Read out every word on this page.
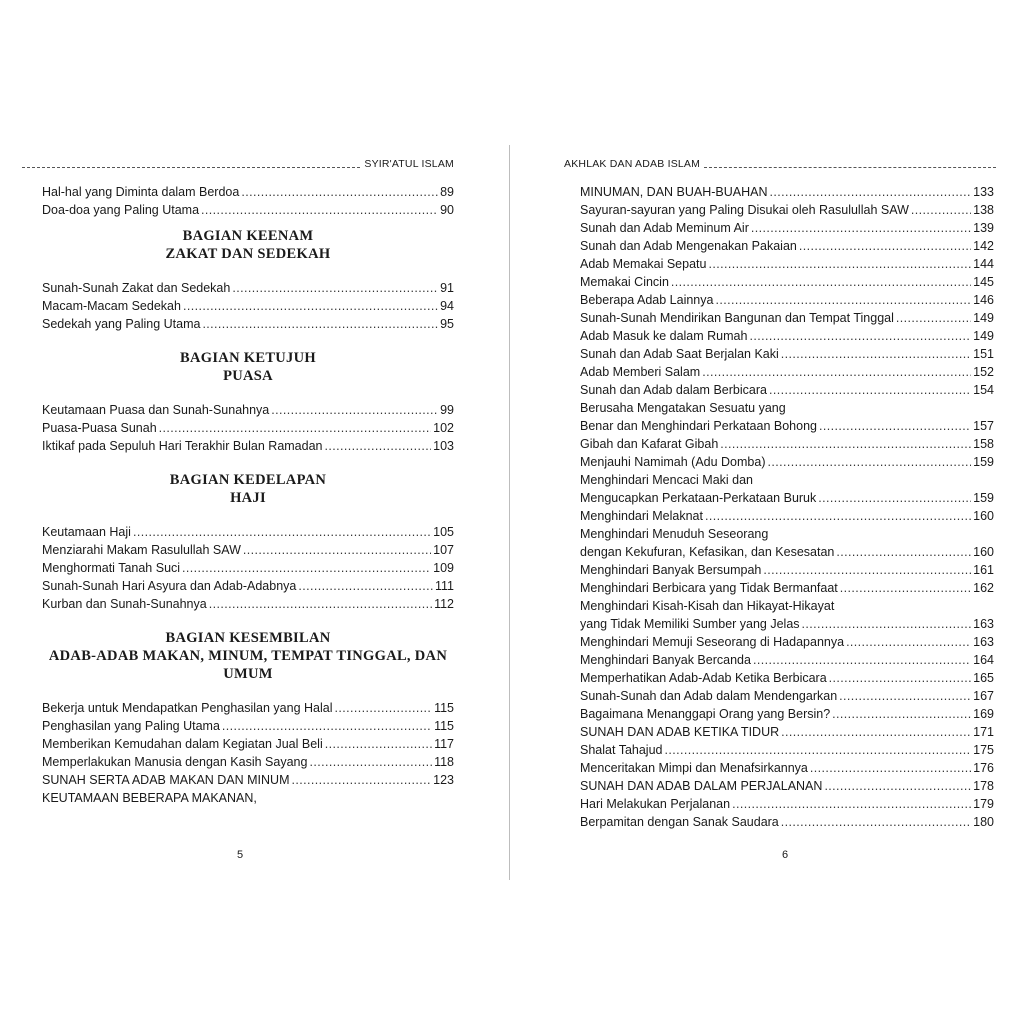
SYIR'ATUL ISLAM
Hal-hal yang Diminta dalam Berdoa .....	89
Doa-doa yang Paling Utama .....	90
BAGIAN KEENAM
ZAKAT DAN SEDEKAH
Sunah-Sunah Zakat dan Sedekah .....	91
Macam-Macam Sedekah .....	94
Sedekah yang Paling Utama .....	95
BAGIAN KETUJUH
PUASA
Keutamaan Puasa dan Sunah-Sunahnya .....	99
Puasa-Puasa Sunah .....	102
Iktikaf pada Sepuluh Hari Terakhir Bulan Ramadan .....	103
BAGIAN KEDELAPAN
HAJI
Keutamaan Haji .....	105
Menziarahi Makam Rasulullah SAW .....	107
Menghormati Tanah Suci .....	109
Sunah-Sunah Hari Asyura dan Adab-Adabnya .....	111
Kurban dan Sunah-Sunahnya .....	112
BAGIAN KESEMBILAN
ADAB-ADAB MAKAN, MINUM, TEMPAT TINGGAL, DAN
UMUM
Bekerja untuk Mendapatkan Penghasilan yang Halal .....	115
Penghasilan yang Paling Utama .....	115
Memberikan Kemudahan dalam Kegiatan Jual Beli .....	117
Memperlakukan Manusia dengan Kasih Sayang .....	118
SUNAH SERTA ADAB MAKAN DAN MINUM .....	123
KEUTAMAAN BEBERAPA MAKANAN,
5
AKHLAK DAN ADAB ISLAM
MINUMAN, DAN BUAH-BUAHAN .....	133
Sayuran-sayuran yang Paling Disukai oleh Rasulullah SAW .....	138
Sunah dan Adab Meminum Air .....	139
Sunah dan Adab Mengenakan Pakaian .....	142
Adab Memakai Sepatu .....	144
Memakai Cincin .....	145
Beberapa Adab Lainnya .....	146
Sunah-Sunah Mendirikan Bangunan dan Tempat Tinggal .....	149
Adab Masuk ke dalam Rumah .....	149
Sunah dan Adab Saat Berjalan Kaki .....	151
Adab Memberi Salam .....	152
Sunah dan Adab dalam Berbicara .....	154
Berusaha Mengatakan Sesuatu yang
Benar dan Menghindari Perkataan Bohong .....	157
Gibah dan Kafarat Gibah .....	158
Menjauhi Namimah (Adu Domba) .....	159
Menghindari Mencaci Maki dan
Mengucapkan Perkataan-Perkataan Buruk .....	159
Menghindari Melaknat .....	160
Menghindari Menuduh Seseorang
dengan Kekufuran, Kefasikan, dan Kesesatan .....	160
Menghindari Banyak Bersumpah .....	161
Menghindari Berbicara yang Tidak Bermanfaat .....	162
Menghindari Kisah-Kisah dan Hikayat-Hikayat
yang Tidak Memiliki Sumber yang Jelas .....	163
Menghindari Memuji Seseorang di Hadapannya .....	163
Menghindari Banyak Bercanda .....	164
Memperhatikan Adab-Adab Ketika Berbicara .....	165
Sunah-Sunah dan Adab dalam Mendengarkan .....	167
Bagaimana Menanggapi Orang yang Bersin? .....	169
SUNAH DAN ADAB KETIKA TIDUR .....	171
Shalat Tahajud .....	175
Menceritakan Mimpi dan Menafsirkannya .....	176
SUNAH DAN ADAB DALAM PERJALANAN .....	178
Hari Melakukan Perjalanan .....	179
Berpamitan dengan Sanak Saudara .....	180
6
